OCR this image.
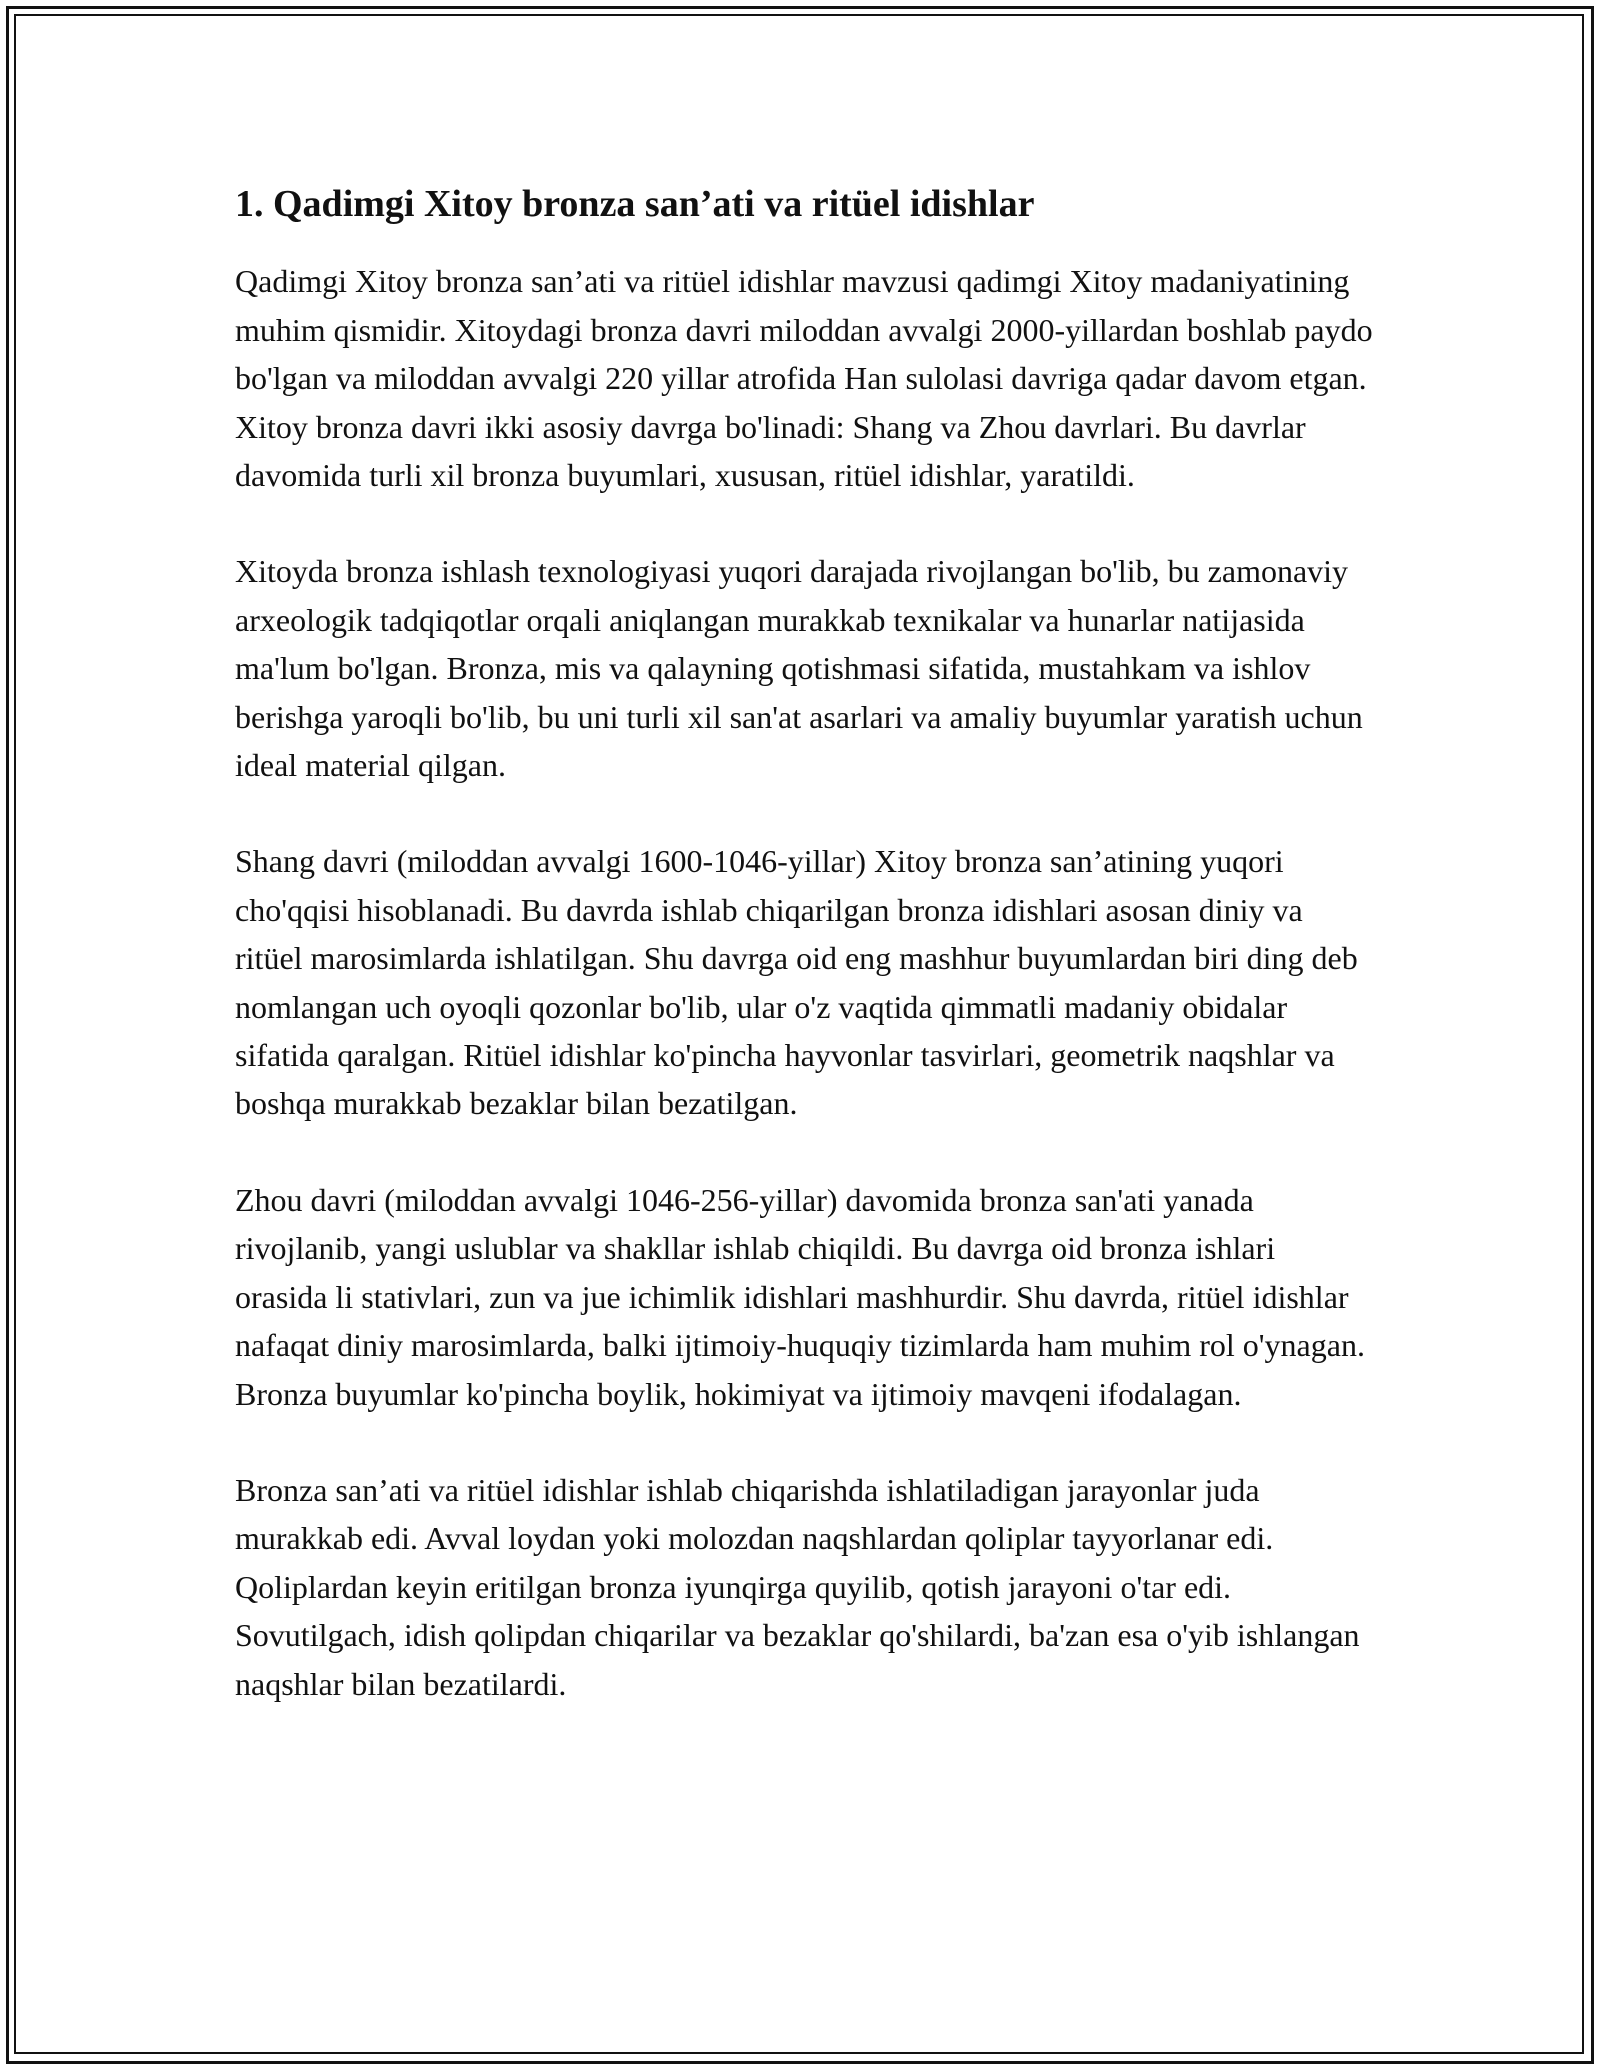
1. Qadimgi Xitoy bronza san’ati va ritüel idishlar

Qadimgi Xitoy bronza san’ati va ritüel idishlar mavzusi qadimgi Xitoy madaniyatining muhim qismidir. Xitoydagi bronza davri miloddan avvalgi 2000-yillardan boshlab paydo bo'lgan va miloddan avvalgi 220 yillar atrofida Han sulolasi davriga qadar davom etgan. Xitoy bronza davri ikki asosiy davrga bo'linadi: Shang va Zhou davrlari. Bu davrlar davomida turli xil bronza buyumlari, xususan, ritüel idishlar, yaratildi.

Xitoyda bronza ishlash texnologiyasi yuqori darajada rivojlangan bo'lib, bu zamonaviy arxeologik tadqiqotlar orqali aniqlangan murakkab texnikalar va hunarlar natijasida ma'lum bo'lgan. Bronza, mis va qalayning qotishmasi sifatida, mustahkam va ishlov berishga yaroqli bo'lib, bu uni turli xil san'at asarlari va amaliy buyumlar yaratish uchun ideal material qilgan.

Shang davri (miloddan avvalgi 1600-1046-yillar) Xitoy bronza san’atining yuqori cho'qqisi hisoblanadi. Bu davrda ishlab chiqarilgan bronza idishlari asosan diniy va ritüel marosimlarda ishlatilgan. Shu davrga oid eng mashhur buyumlardan biri ding deb nomlangan uch oyoqli qozonlar bo'lib, ular o'z vaqtida qimmatli madaniy obidalar sifatida qaralgan. Ritüel idishlar ko'pincha hayvonlar tasvirlari, geometrik naqshlar va boshqa murakkab bezaklar bilan bezatilgan.

Zhou davri (miloddan avvalgi 1046-256-yillar) davomida bronza san'ati yanada rivojlanib, yangi uslublar va shakllar ishlab chiqildi. Bu davrga oid bronza ishlari orasida li stativlari, zun va jue ichimlik idishlari mashhurdir. Shu davrda, ritüel idishlar nafaqat diniy marosimlarda, balki ijtimoiy-huquqiy tizimlarda ham muhim rol o'ynagan. Bronza buyumlar ko'pincha boylik, hokimiyat va ijtimoiy mavqeni ifodalagan.

Bronza san’ati va ritüel idishlar ishlab chiqarishda ishlatiladigan jarayonlar juda murakkab edi. Avval loydan yoki molozdan naqshlardan qoliplar tayyorlanar edi. Qoliplardan keyin eritilgan bronza iyunqirga quyilib, qotish jarayoni o'tar edi. Sovutilgach, idish qolipdan chiqarilar va bezaklar qo'shilardi, ba'zan esa o'yib ishlangan naqshlar bilan bezatilardi.
